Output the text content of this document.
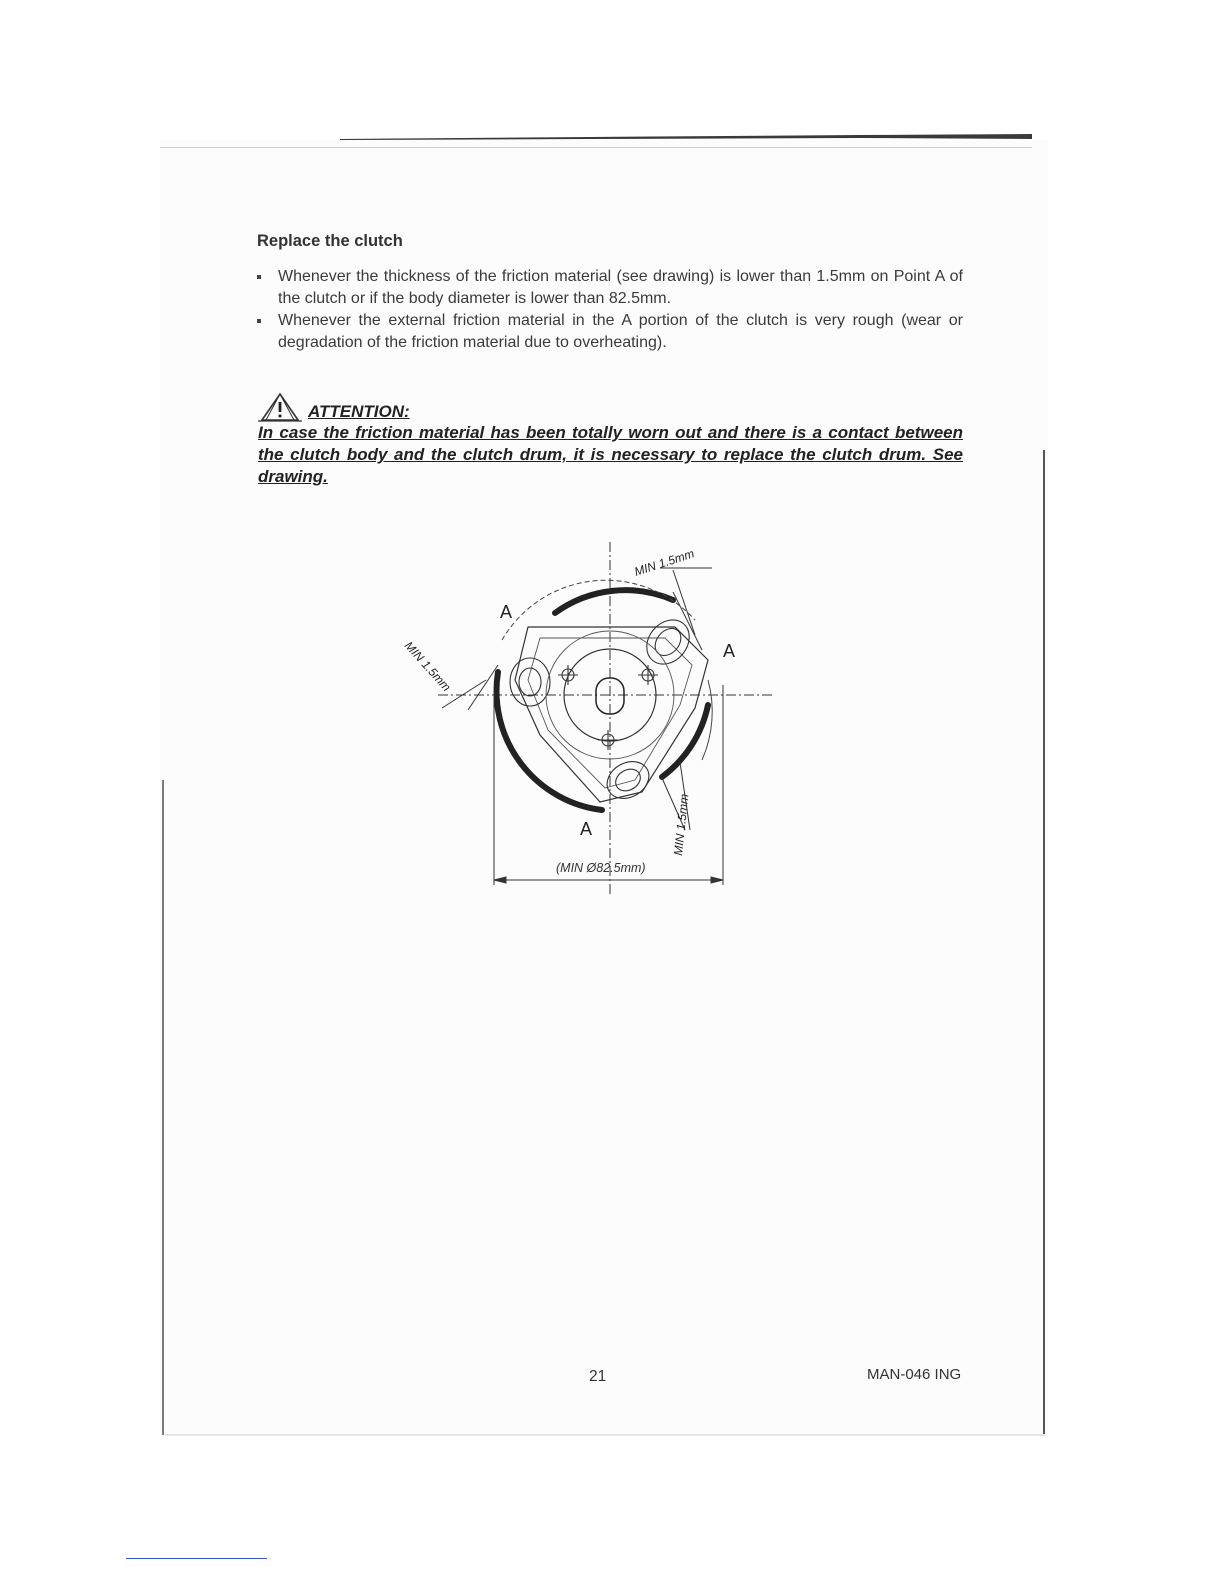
Replace the clutch
Whenever the thickness of the friction material (see drawing) is lower than 1.5mm on Point A of the clutch or if the body diameter is lower than 82.5mm.
Whenever the external friction material in the A portion of the clutch is very rough (wear or degradation of the friction material due to overheating).
ATTENTION:

In case the friction material has been totally worn out and there is a contact between the clutch body and the clutch drum, it is necessary to replace the clutch drum. See drawing.

A
A
A
MIN 1.5mm
MIN 1.5mm
MIN 1.5mm
(MIN Ø82.5mm)
21	MAN-046 ING
